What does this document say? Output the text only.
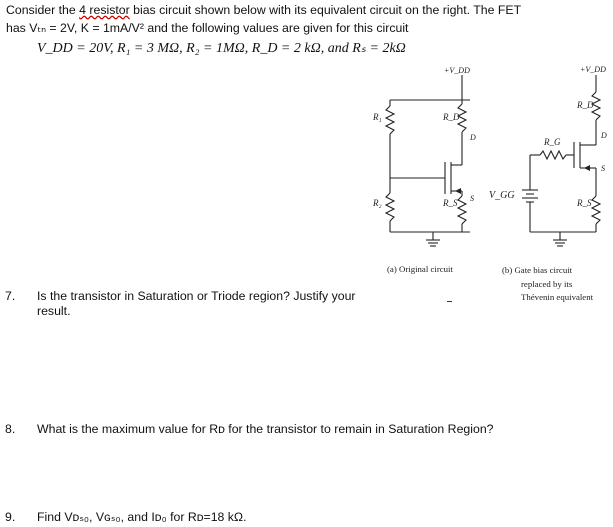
Consider the 4 resistor bias circuit shown below with its equivalent circuit on the right. The FET
has Vₜₙ = 2V, K = 1mA/V² and the following values are given for this circuit
V_DD = 20V, R₁ = 3 MΩ, R₂ = 1MΩ, R_D = 2 kΩ, and Rₛ = 2kΩ
+V_DD	+V_DD
R₁
R₂
R_D
R_S
D
S
R_D
R_S
R_G
D
S
V_GG
(a) Original circuit	(b) Gate bias circuit
replaced by its
Thévenin equivalent
7. Is the transistor in Saturation or Triode region? Justify your
result.
8. What is the maximum value for Rᴅ for the transistor to remain in Saturation Region?
9. Find Vᴅₛ₀, Vɢₛ₀, and Iᴅ₀ for Rᴅ=18 kΩ.
